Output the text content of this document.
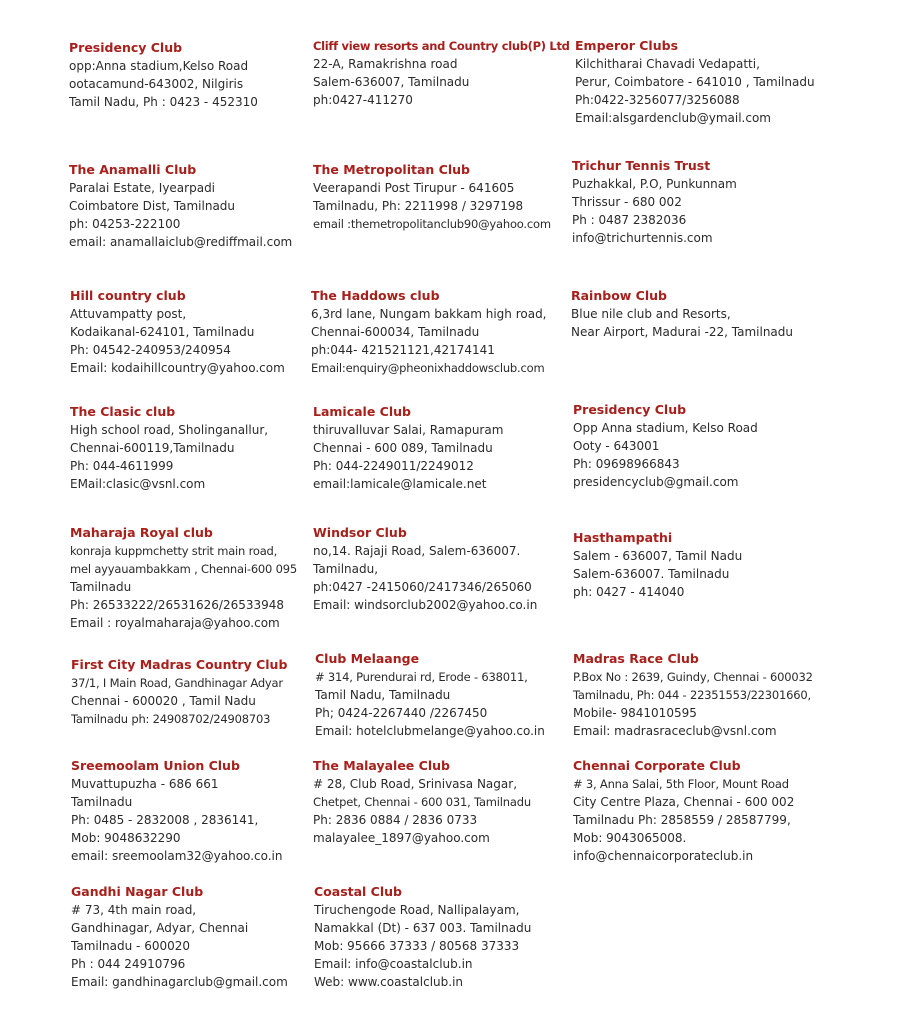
Presidency Club

opp:Anna stadium,Kelso Road

ootacamund-643002, Nilgiris

Tamil Nadu, Ph : 0423 - 452310

Cliff view resorts and Country club(P) Ltd

22-A, Ramakrishna road

Salem-636007, Tamilnadu

ph:0427-411270

Emperor Clubs

Kilchitharai Chavadi Vedapatti,

Perur, Coimbatore - 641010 , Tamilnadu

Ph:0422-3256077/3256088

Email:alsgardenclub@ymail.com

The Anamalli Club

Paralai Estate, Iyearpadi

Coimbatore Dist, Tamilnadu

ph: 04253-222100

email: anamallaiclub@rediffmail.com

The Metropolitan Club

Veerapandi Post Tirupur - 641605

Tamilnadu, Ph: 2211998 / 3297198

email :themetropolitanclub90@yahoo.com

Trichur Tennis Trust

Puzhakkal, P.O, Punkunnam

Thrissur - 680 002

Ph : 0487 2382036

info@trichurtennis.com

Hill country club

Attuvampatty post,

Kodaikanal-624101, Tamilnadu

Ph: 04542-240953/240954

Email: kodaihillcountry@yahoo.com

The Haddows club

6,3rd lane, Nungam bakkam high road,

Chennai-600034, Tamilnadu

ph:044- 421521121,42174141

Email:enquiry@pheonixhaddowsclub.com

Rainbow Club

Blue nile club and Resorts,

Near Airport, Madurai -22, Tamilnadu

The Clasic club

High school road, Sholinganallur,

Chennai-600119,Tamilnadu

Ph: 044-4611999

EMail:clasic@vsnl.com

Lamicale Club

thiruvalluvar Salai, Ramapuram

Chennai - 600 089, Tamilnadu

Ph: 044-2249011/2249012

email:lamicale@lamicale.net

Presidency Club

Opp Anna stadium, Kelso Road

Ooty - 643001

Ph: 09698966843

presidencyclub@gmail.com

Maharaja Royal club

konraja kuppmchetty strit main road,

mel ayyauambakkam , Chennai-600 095

Tamilnadu

Ph: 26533222/26531626/26533948

Email : royalmaharaja@yahoo.com

Windsor Club

no,14. Rajaji Road, Salem-636007.

Tamilnadu,

ph:0427 -2415060/2417346/265060

Email: windsorclub2002@yahoo.co.in

Hasthampathi

Salem - 636007, Tamil Nadu

Salem-636007. Tamilnadu

ph: 0427 - 414040

First City Madras Country Club

37/1, I Main Road, Gandhinagar Adyar

Chennai - 600020 , Tamil Nadu

Tamilnadu ph: 24908702/24908703

Club Melaange

# 314, Purendurai rd, Erode - 638011,

Tamil Nadu, Tamilnadu

Ph; 0424-2267440 /2267450

Email: hotelclubmelange@yahoo.co.in

Madras Race Club

P.Box No : 2639, Guindy, Chennai - 600032

Tamilnadu, Ph: 044 - 22351553/22301660,

Mobile- 9841010595

Email: madrasraceclub@vsnl.com

Sreemoolam Union Club

Muvattupuzha - 686 661

Tamilnadu

Ph: 0485 - 2832008 , 2836141,

Mob: 9048632290

email: sreemoolam32@yahoo.co.in

The Malayalee Club

# 28, Club Road, Srinivasa Nagar,

Chetpet, Chennai - 600 031, Tamilnadu

Ph: 2836 0884 / 2836 0733

malayalee_1897@yahoo.com

Chennai Corporate Club

# 3, Anna Salai, 5th Floor, Mount Road

City Centre Plaza, Chennai - 600 002

Tamilnadu Ph: 2858559 / 28587799,

Mob: 9043065008.

info@chennaicorporateclub.in

Gandhi Nagar Club

# 73, 4th main road,

Gandhinagar, Adyar, Chennai

Tamilnadu - 600020

Ph : 044 24910796

Email: gandhinagarclub@gmail.com

Coastal Club

Tiruchengode Road, Nallipalayam,

Namakkal (Dt) - 637 003. Tamilnadu

Mob: 95666 37333 / 80568 37333

Email: info@coastalclub.in

Web: www.coastalclub.in
